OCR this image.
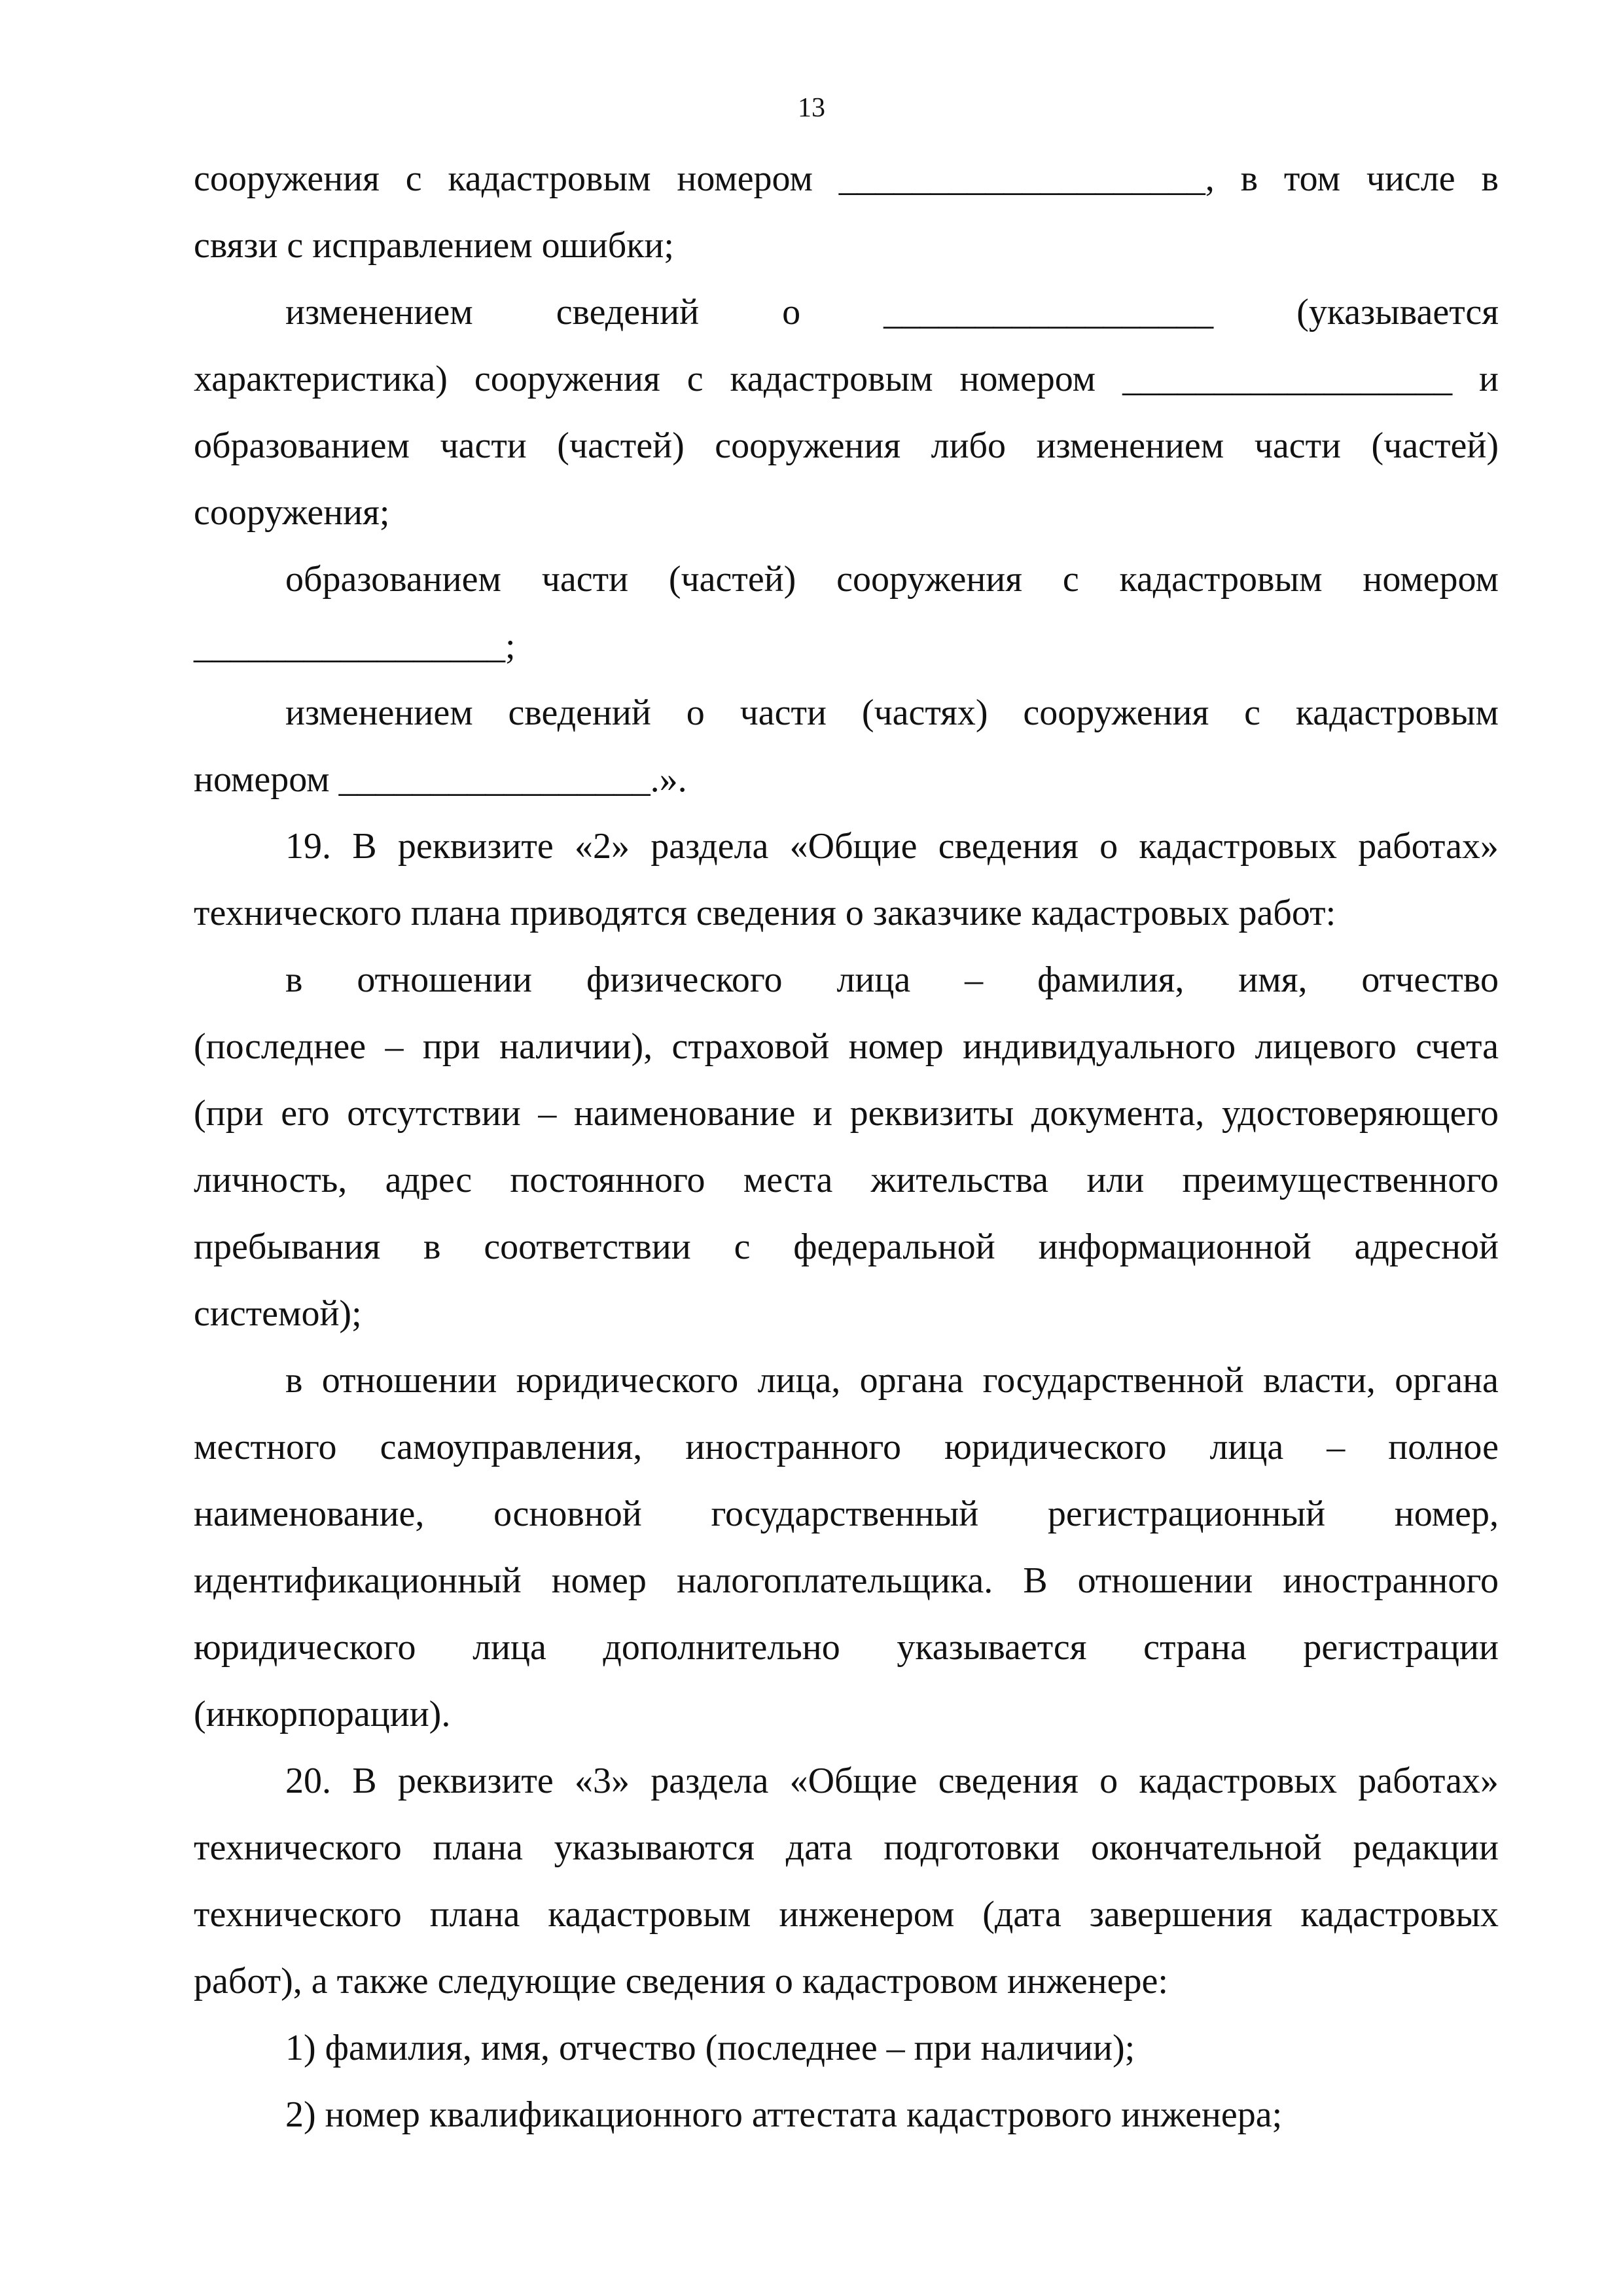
13
сооружения с кадастровым номером ____________________, в том числе в
связи с исправлением ошибки;
изменением сведений о __________________ (указывается
характеристика) сооружения с кадастровым номером __________________ и
образованием части (частей) сооружения либо изменением части (частей)
сооружения;
образованием части (частей) сооружения с кадастровым номером
_________________;
изменением сведений о части (частях) сооружения с кадастровым
номером _________________.».
19. В реквизите «2» раздела «Общие сведения о кадастровых работах»
технического плана приводятся сведения о заказчике кадастровых работ:
в отношении физического лица – фамилия, имя, отчество
(последнее – при наличии), страховой номер индивидуального лицевого счета
(при его отсутствии – наименование и реквизиты документа, удостоверяющего
личность, адрес постоянного места жительства или преимущественного
пребывания в соответствии с федеральной информационной адресной
системой);
в отношении юридического лица, органа государственной власти, органа
местного самоуправления, иностранного юридического лица – полное
наименование, основной государственный регистрационный номер,
идентификационный номер налогоплательщика. В отношении иностранного
юридического лица дополнительно указывается страна регистрации
(инкорпорации).
20. В реквизите «3» раздела «Общие сведения о кадастровых работах»
технического плана указываются дата подготовки окончательной редакции
технического плана кадастровым инженером (дата завершения кадастровых
работ), а также следующие сведения о кадастровом инженере:
1) фамилия, имя, отчество (последнее – при наличии);
2) номер квалификационного аттестата кадастрового инженера;
